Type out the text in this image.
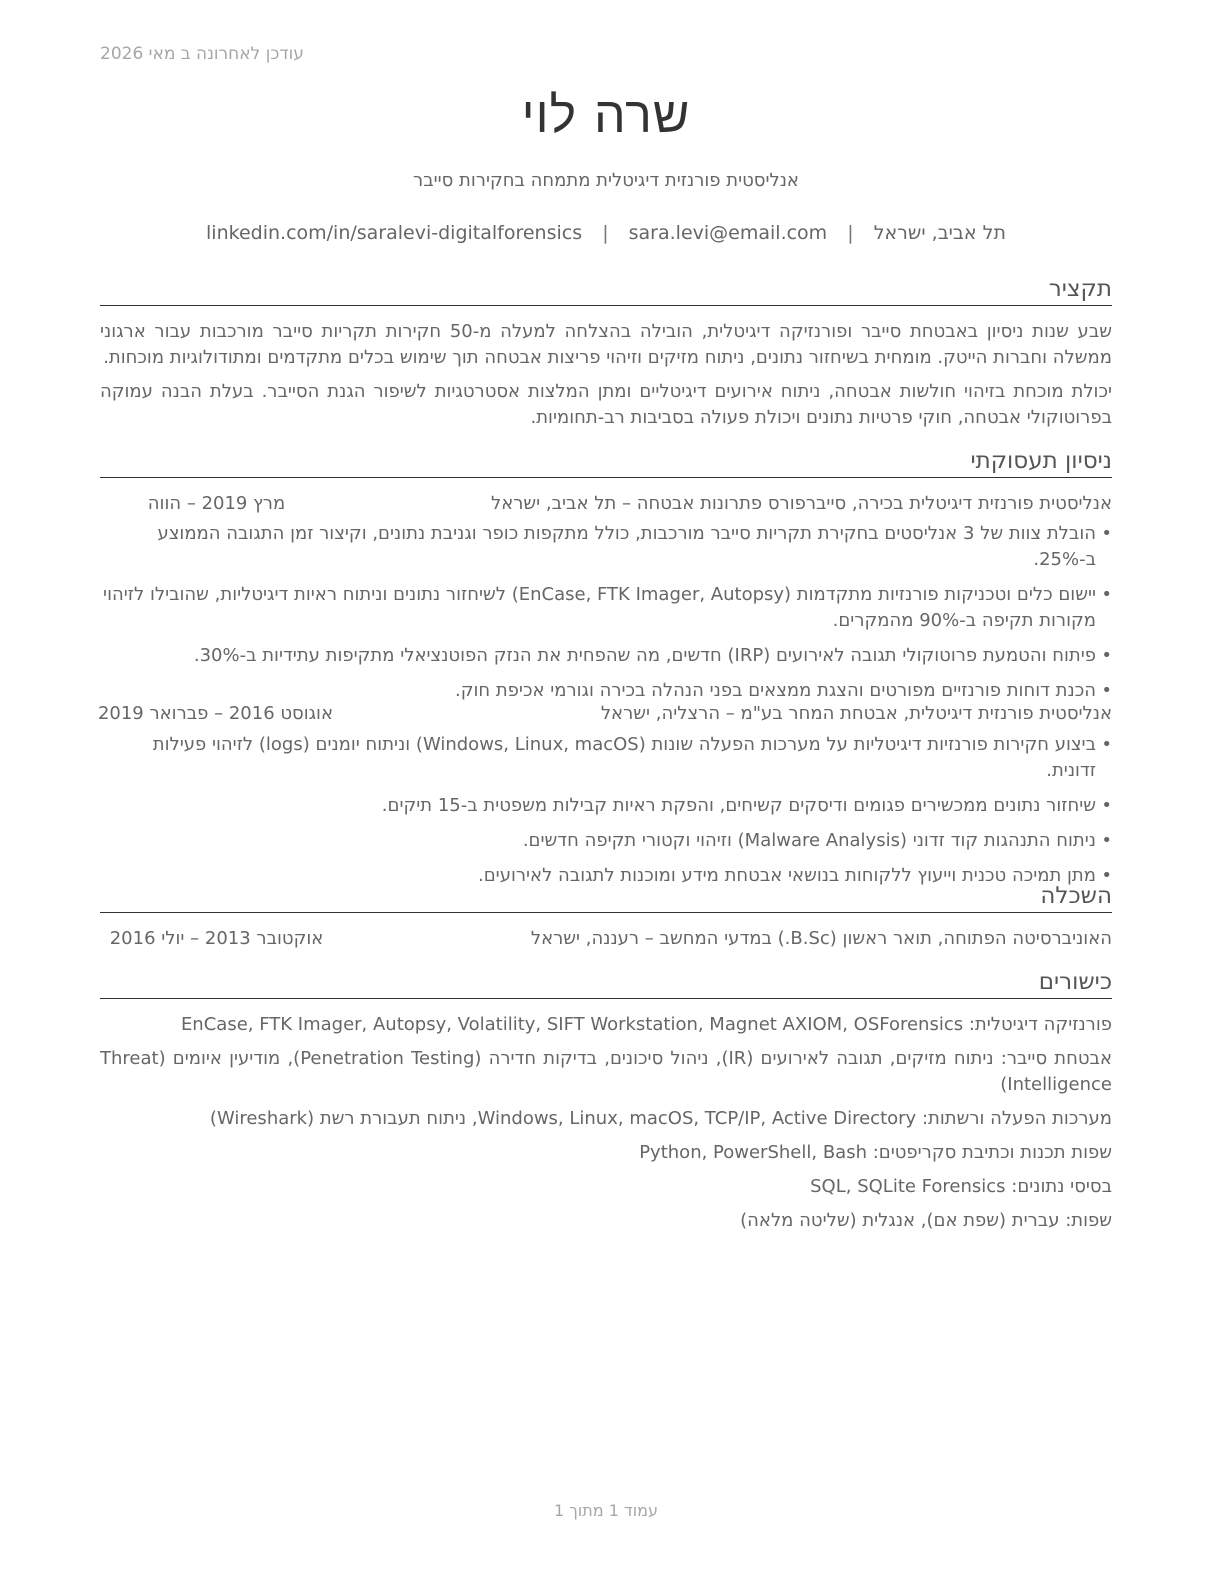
עודכן לאחרונה ב מאי 2026
שרה לוי
אנליסטית פורנזית דיגיטלית מתמחה בחקירות סייבר
תל אביב, ישראל | sara.levi@email.com | linkedin.com/in/saralevi-digitalforensics
תקציר
שבע שנות ניסיון באבטחת סייבר ופורנזיקה דיגיטלית, הובילה בהצלחה למעלה מ-50 חקירות תקריות סייבר מורכבות עבור ארגוני ממשלה וחברות הייטק. מומחית בשיחזור נתונים, ניתוח מזיקים וזיהוי פריצות אבטחה תוך שימוש בכלים מתקדמים ומתודולוגיות מוכחות.
יכולת מוכחת בזיהוי חולשות אבטחה, ניתוח אירועים דיגיטליים ומתן המלצות אסטרטגיות לשיפור הגנת הסייבר. בעלת הבנה עמוקה בפרוטוקולי אבטחה, חוקי פרטיות נתונים ויכולת פעולה בסביבות רב-תחומיות.
ניסיון תעסוקתי
אנליסטית פורנזית דיגיטלית בכירה, סייברפורס פתרונות אבטחה – תל אביב, ישראל
מרץ 2019 – הווה
• הובלת צוות של 3 אנליסטים בחקירת תקריות סייבר מורכבות, כולל מתקפות כופר וגניבת נתונים, וקיצור זמן התגובה הממוצע ב-25%.
• יישום כלים וטכניקות פורנזיות מתקדמות (EnCase, FTK Imager, Autopsy) לשיחזור נתונים וניתוח ראיות דיגיטליות, שהובילו לזיהוי מקורות תקיפה ב-90% מהמקרים.
• פיתוח והטמעת פרוטוקולי תגובה לאירועים (IRP) חדשים, מה שהפחית את הנזק הפוטנציאלי מתקיפות עתידיות ב-30%.
• הכנת דוחות פורנזיים מפורטים והצגת ממצאים בפני הנהלה בכירה וגורמי אכיפת חוק.
אנליסטית פורנזית דיגיטלית, אבטחת המחר בע"מ – הרצליה, ישראל
אוגוסט 2016 – פברואר 2019
• ביצוע חקירות פורנזיות דיגיטליות על מערכות הפעלה שונות (Windows, Linux, macOS) וניתוח יומנים (logs) לזיהוי פעילות זדונית.
• שיחזור נתונים ממכשירים פגומים ודיסקים קשיחים, והפקת ראיות קבילות משפטית ב-15 תיקים.
• ניתוח התנהגות קוד זדוני (Malware Analysis) וזיהוי וקטורי תקיפה חדשים.
• מתן תמיכה טכנית וייעוץ ללקוחות בנושאי אבטחת מידע ומוכנות לתגובה לאירועים.
השכלה
האוניברסיטה הפתוחה, תואר ראשון (B.Sc.) במדעי המחשב – רעננה, ישראל
אוקטובר 2013 – יולי 2016
כישורים
פורנזיקה דיגיטלית: EnCase, FTK Imager, Autopsy, Volatility, SIFT Workstation, Magnet AXIOM, OSForensics
אבטחת סייבר: ניתוח מזיקים, תגובה לאירועים (IR), ניהול סיכונים, בדיקות חדירה (Penetration Testing), מודיעין איומים (Threat Intelligence)
מערכות הפעלה ורשתות: Windows, Linux, macOS, TCP/IP, Active Directory, ניתוח תעבורת רשת (Wireshark)
שפות תכנות וכתיבת סקריפטים: Python, PowerShell, Bash
בסיסי נתונים: SQL, SQLite Forensics
שפות: עברית (שפת אם), אנגלית (שליטה מלאה)
עמוד 1 מתוך 1
